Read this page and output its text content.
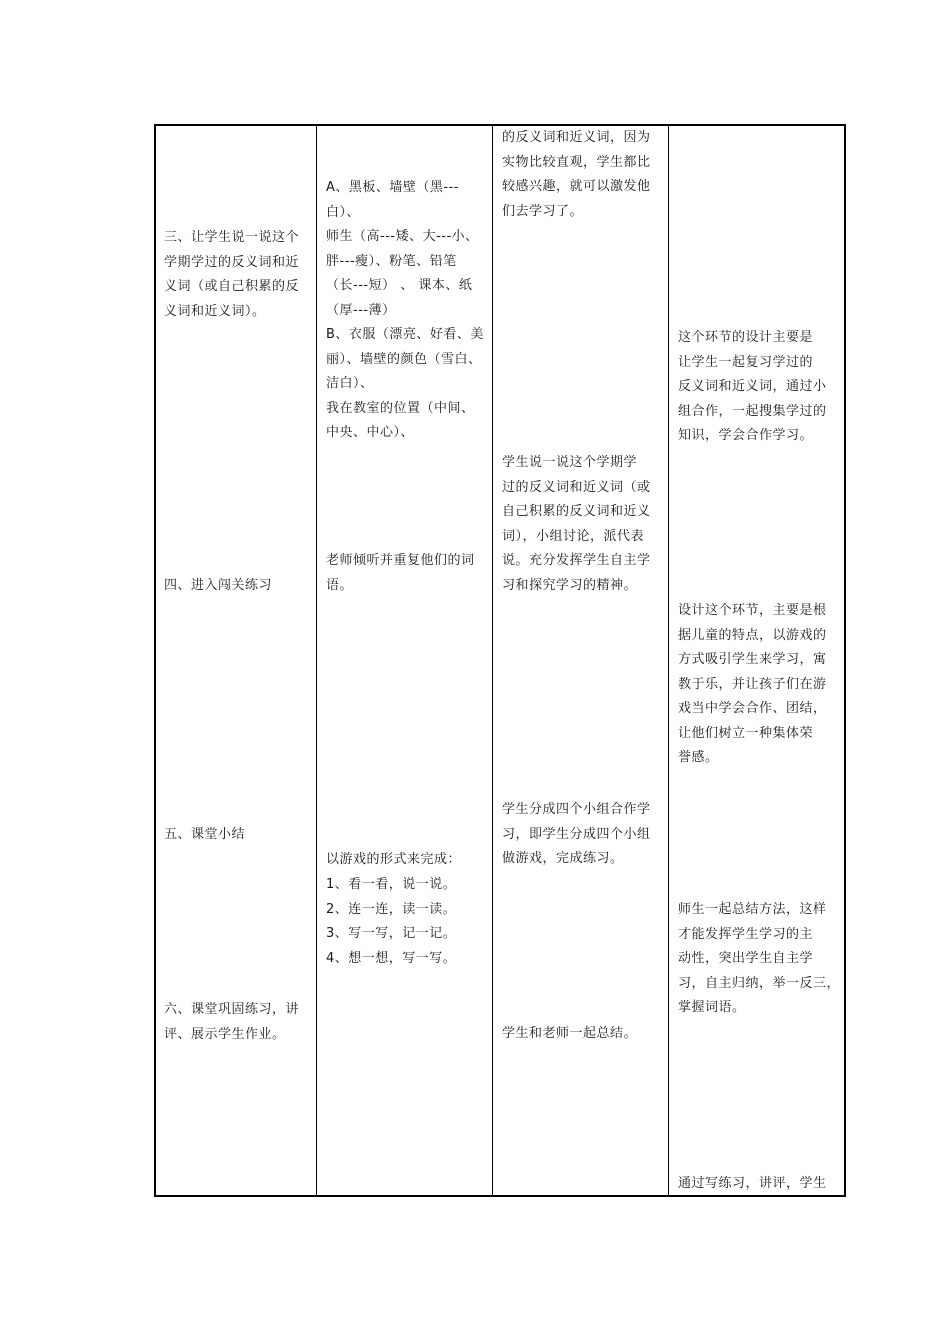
三、让学生说一说这个学期学过的反义词和近义词（或自己积累的反义词和近义词）。

四、进入闯关练习

五、课堂小结

六、课堂巩固练习，讲评、展示学生作业。

A、黑板、墙壁（黑---白）、
师生（高---矮、大---小、
胖---瘦）、粉笔、铅笔
（长---短） 、 课本、纸
（厚---薄）
B、衣服（漂亮、好看、美
丽）、墙壁的颜色（雪白、
洁白）、
我在教室的位置（中间、
中央、中心）、

老师倾听并重复他们的词
语。

以游戏的形式来完成：

1、看一看，说一说。
2、连一连，读一读。
3、写一写，记一记。
4、想一想，写一写。

的反义词和近义词，因为
实物比较直观，学生都比
较感兴趣，就可以激发他
们去学习了。

学生说一说这个学期学
过的反义词和近义词（或
自己积累的反义词和近义
词），小组讨论，派代表
说。充分发挥学生自主学
习和探究学习的精神。

学生分成四个小组合作学
习，即学生分成四个小组
做游戏，完成练习。

学生和老师一起总结。

这个环节的设计主要是
让学生一起复习学过的
反义词和近义词，通过小
组合作，一起搜集学过的
知识，学会合作学习。

设计这个环节，主要是根
据儿童的特点，以游戏的
方式吸引学生来学习，寓
教于乐，并让孩子们在游
戏当中学会合作、团结，
让他们树立一种集体荣
誉感。

师生一起总结方法，这样
才能发挥学生学习的主
动性，突出学生自主学
习，自主归纳，举一反三，
掌握词语。

通过写练习，讲评，学生
